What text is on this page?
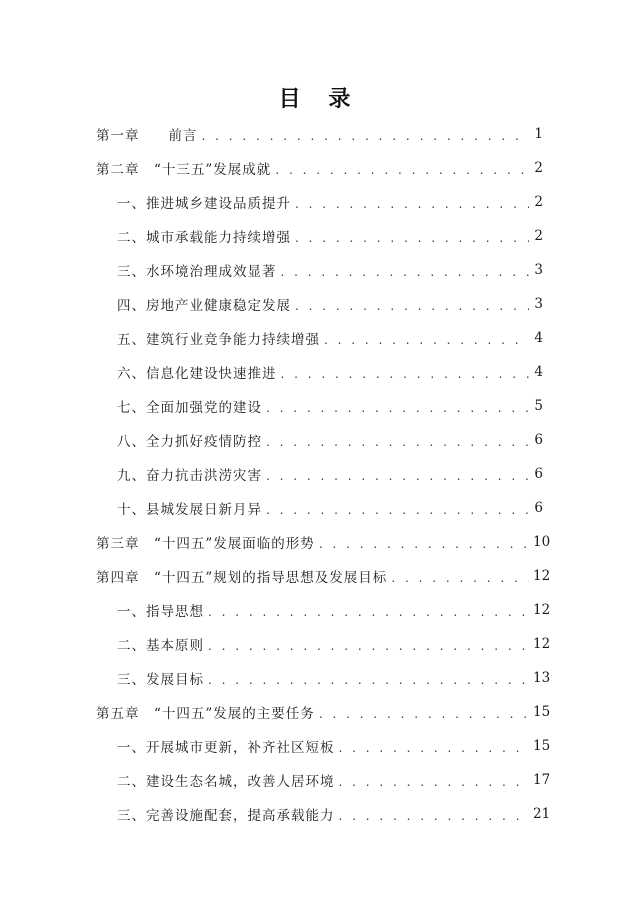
目 录
第一章　　前言 . . .	1
第二章　“十三五”发展成就 . . .	2
一、推进城乡建设品质提升 . . .	2
二、城市承载能力持续增强 . . .	2
三、水环境治理成效显著 . . .	3
四、房地产业健康稳定发展 . . .	3
五、建筑行业竞争能力持续增强 . . .	4
六、信息化建设快速推进 . . .	4
七、全面加强党的建设 . . .	5
八、全力抓好疫情防控 . . .	6
九、奋力抗击洪涝灾害 . . .	6
十、县城发展日新月异 . . .	6
第三章　“十四五”发展面临的形势 . . .	10
第四章　“十四五”规划的指导思想及发展目标 . . .	12
一、指导思想 . . .	12
二、基本原则 . . .	12
三、发展目标 . . .	13
第五章　“十四五”发展的主要任务 . . .	15
一、开展城市更新，补齐社区短板 . . .	15
二、建设生态名城，改善人居环境 . . .	17
三、完善设施配套，提高承载能力 . . .	21
